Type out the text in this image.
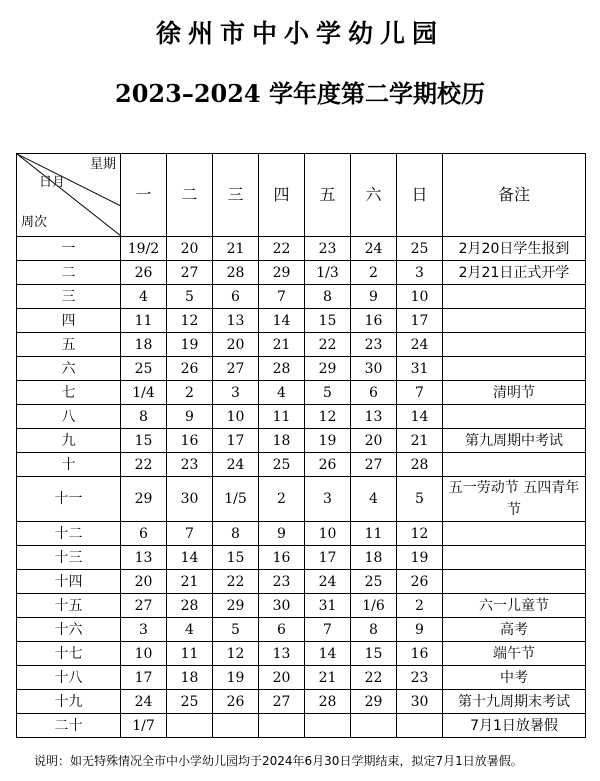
徐州市中小学幼儿园
2023–2024 学年度第二学期校历
星期
日月
周次	一	二	三	四	五	六	日	备注
一	19/2	20	21	22	23	24	25	2月20日学生报到
二	26	27	28	29	1/3	2	3	2月21日正式开学
三	4	5	6	7	8	9	10	
四	11	12	13	14	15	16	17	
五	18	19	20	21	22	23	24	
六	25	26	27	28	29	30	31	
七	1/4	2	3	4	5	6	7	清明节
八	8	9	10	11	12	13	14	
九	15	16	17	18	19	20	21	第九周期中考试
十	22	23	24	25	26	27	28	
十一	29	30	1/5	2	3	4	5	五一劳动节 五四青年节
十二	6	7	8	9	10	11	12	
十三	13	14	15	16	17	18	19	
十四	20	21	22	23	24	25	26	
十五	27	28	29	30	31	1/6	2	六一儿童节
十六	3	4	5	6	7	8	9	高考
十七	10	11	12	13	14	15	16	端午节
十八	17	18	19	20	21	22	23	中考
十九	24	25	26	27	28	29	30	第十九周期末考试
二十	1/7							7月1日放暑假
说明：如无特殊情况全市中小学幼儿园均于2024年6月30日学期结束，拟定7月1日放暑假。
